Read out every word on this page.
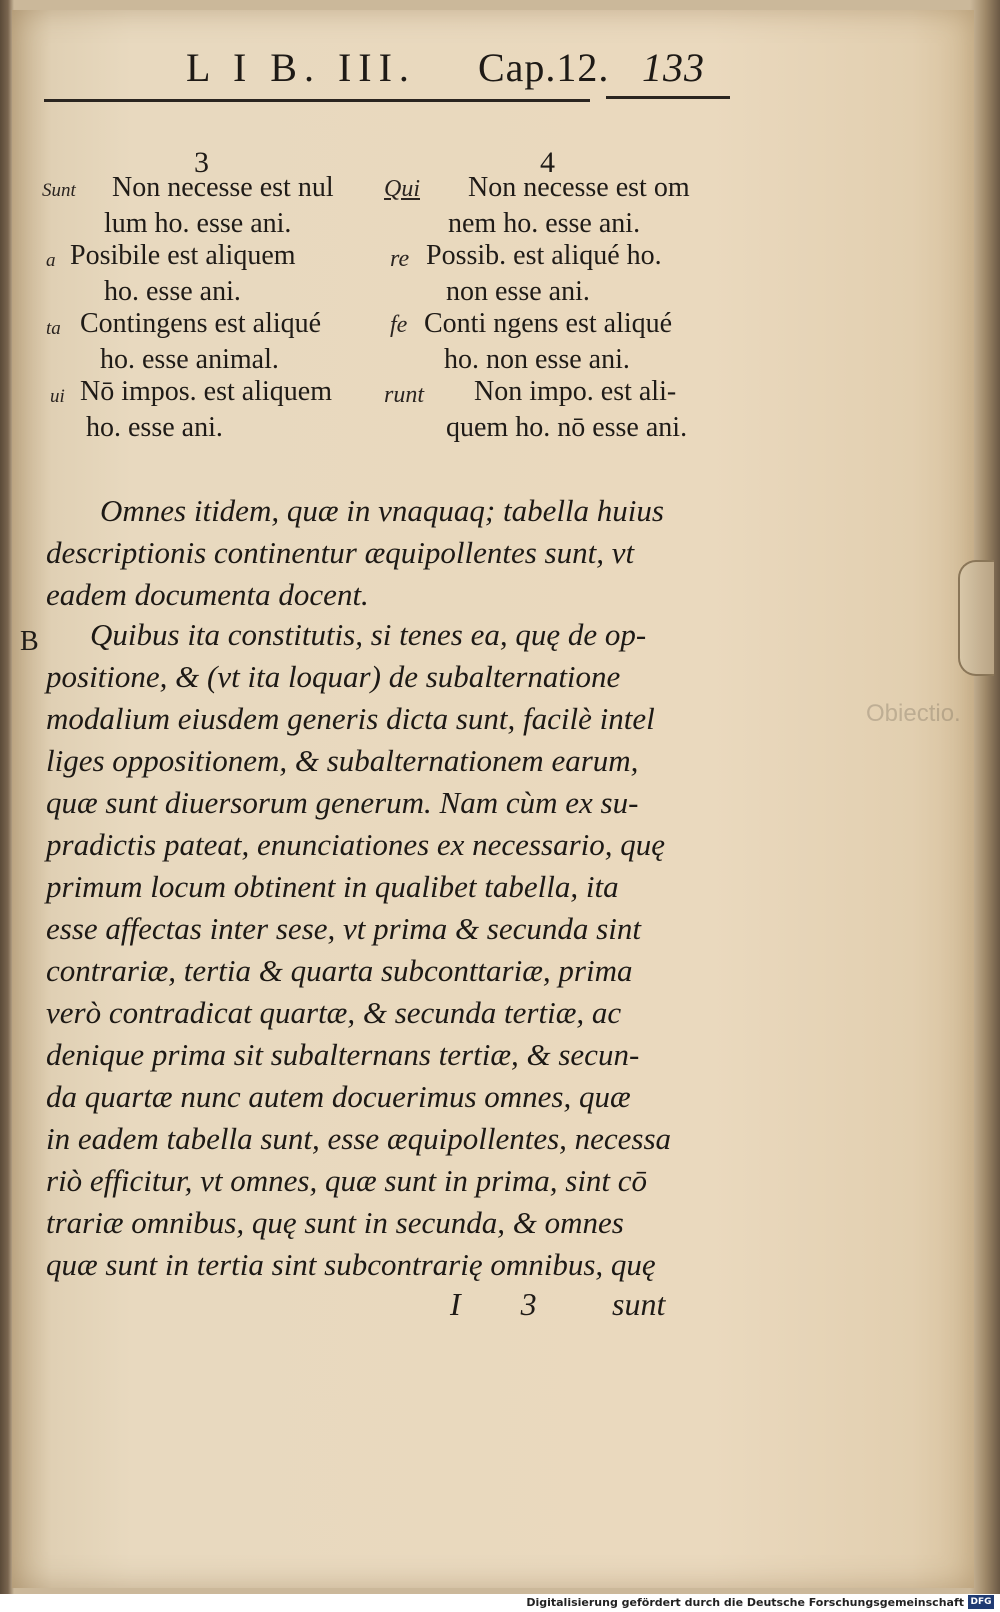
L I B. III. Cap.12. 133
3	4
Sunt
a
ta
ui
Qui
re
fe
runt
Non necesse est nul
lum ho. esse ani.
Non necesse est om
nem ho. esse ani.
Posibile est aliquem
ho. esse ani.
Possib. est aliqué ho.
non esse ani.
Contingens est aliqué
ho. esse animal.
Conti ngens est aliqué
ho. non esse ani.
Nō impos. est aliquem
ho. esse ani.
Non impo. est ali-
quem ho. nō esse ani.
Omnes itidem, quæ in vnaquaq; tabella huius
descriptionis continentur æquipollentes sunt, vt
eadem documenta docent.
B
Obiectio.
Quibus ita constitutis, si tenes ea, quę de op-
positione, & (vt ita loquar) de subalternatione
modalium eiusdem generis dicta sunt, facilè intel
liges oppositionem, & subalternationem earum,
quæ sunt diuersorum generum. Nam cùm ex su-
pradictis pateat, enunciationes ex necessario, quę
primum locum obtinent in qualibet tabella, ita
esse affectas inter sese, vt prima & secunda sint
contrariæ, tertia & quarta subconttariæ, prima
verò contradicat quartæ, & secunda tertiæ, ac
denique prima sit subalternans tertiæ, & secun-
da quartæ nunc autem docuerimus omnes, quæ
in eadem tabella sunt, esse æquipollentes, necessa
riò efficitur, vt omnes, quæ sunt in prima, sint cō
trariæ omnibus, quę sunt in secunda, & omnes
quæ sunt in tertia sint subcontrarię omnibus, quę
I 3 sunt
Digitalisierung gefördert durch die Deutsche Forschungsgemeinschaft DFG
